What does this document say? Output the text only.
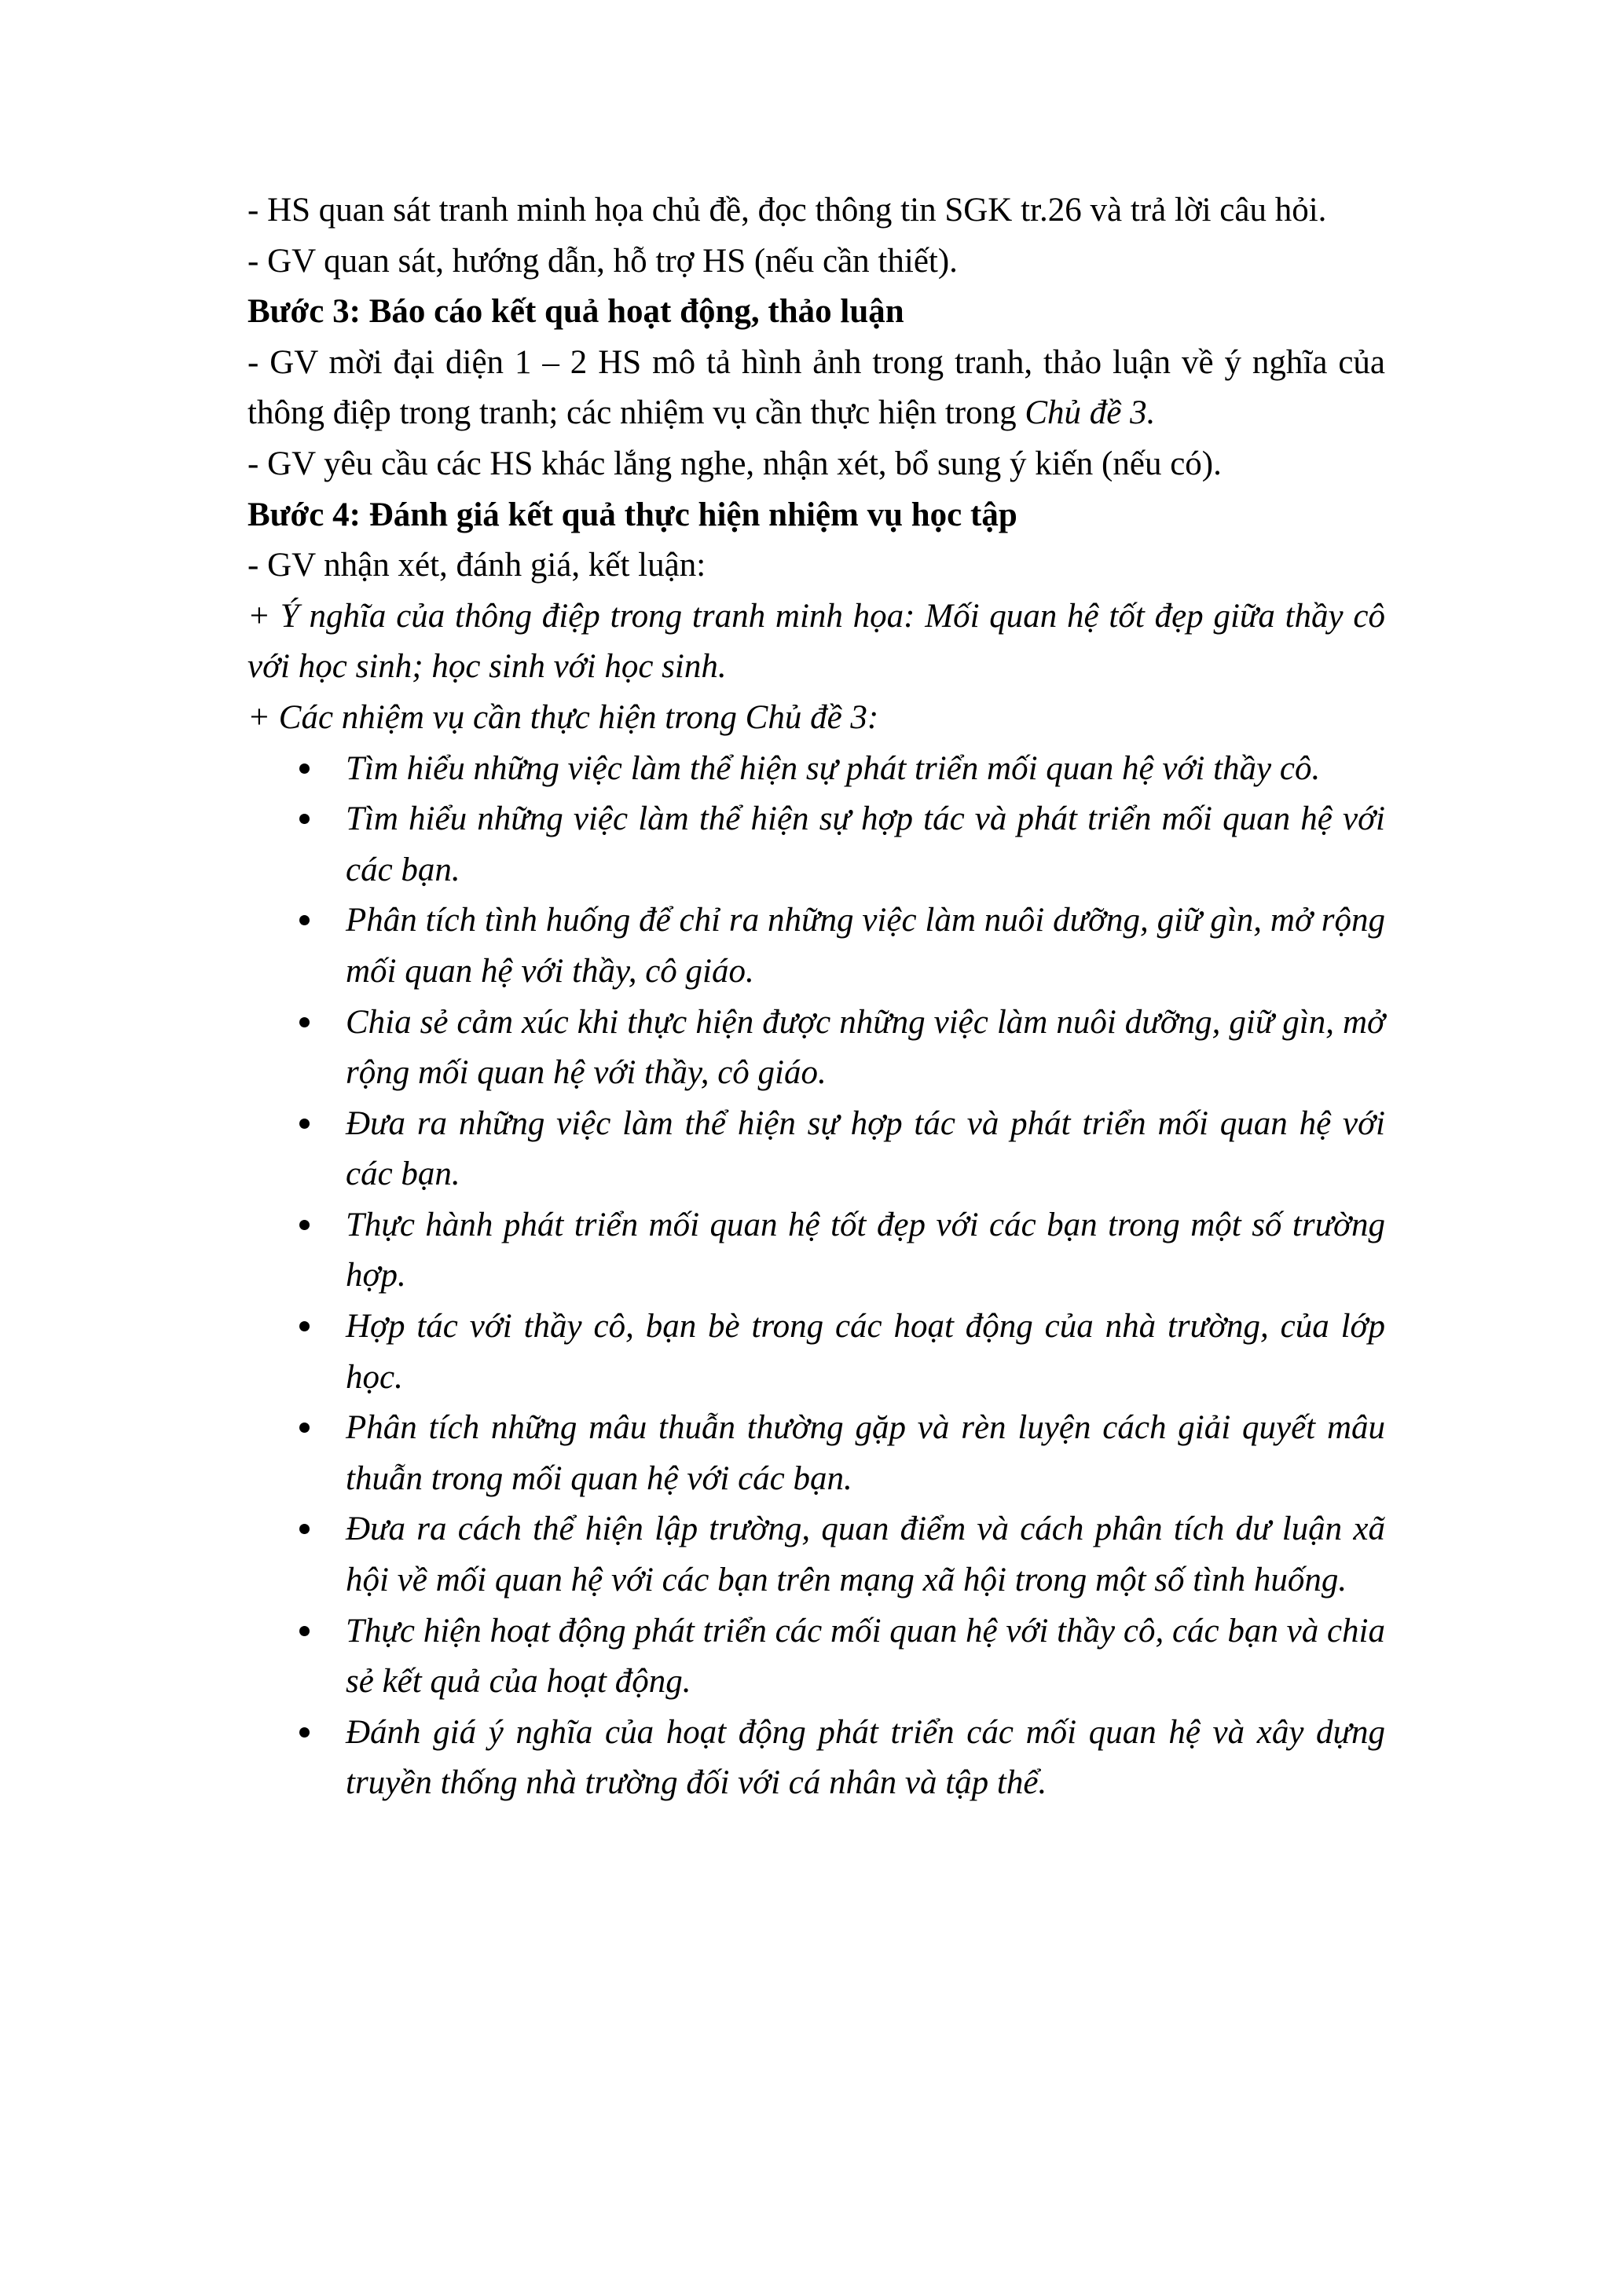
- HS quan sát tranh minh họa chủ đề, đọc thông tin SGK tr.26 và trả lời câu hỏi.

- GV quan sát, hướng dẫn, hỗ trợ HS (nếu cần thiết).

Bước 3: Báo cáo kết quả hoạt động, thảo luận

- GV mời đại diện 1 – 2 HS mô tả hình ảnh trong tranh, thảo luận về ý nghĩa của thông điệp trong tranh; các nhiệm vụ cần thực hiện trong Chủ đề 3.

- GV yêu cầu các HS khác lắng nghe, nhận xét, bổ sung ý kiến (nếu có).

Bước 4: Đánh giá kết quả thực hiện nhiệm vụ học tập

- GV nhận xét, đánh giá, kết luận:

+ Ý nghĩa của thông điệp trong tranh minh họa: Mối quan hệ tốt đẹp giữa thầy cô với học sinh; học sinh với học sinh.

+ Các nhiệm vụ cần thực hiện trong Chủ đề 3:

Tìm hiểu những việc làm thể hiện sự phát triển mối quan hệ với thầy cô.
Tìm hiểu những việc làm thể hiện sự hợp tác và phát triển mối quan hệ với các bạn.
Phân tích tình huống để chỉ ra những việc làm nuôi dưỡng, giữ gìn, mở rộng mối quan hệ với thầy, cô giáo.
Chia sẻ cảm xúc khi thực hiện được những việc làm nuôi dưỡng, giữ gìn, mở rộng mối quan hệ với thầy, cô giáo.
Đưa ra những việc làm thể hiện sự hợp tác và phát triển mối quan hệ với các bạn.
Thực hành phát triển mối quan hệ tốt đẹp với các bạn trong một số trường hợp.
Hợp tác với thầy cô, bạn bè trong các hoạt động của nhà trường, của lớp học.
Phân tích những mâu thuẫn thường gặp và rèn luyện cách giải quyết mâu thuẫn trong mối quan hệ với các bạn.
Đưa ra cách thể hiện lập trường, quan điểm và cách phân tích dư luận xã hội về mối quan hệ với các bạn trên mạng xã hội trong một số tình huống.
Thực hiện hoạt động phát triển các mối quan hệ với thầy cô, các bạn và chia sẻ kết quả của hoạt động.
Đánh giá ý nghĩa của hoạt động phát triển các mối quan hệ và xây dựng truyền thống nhà trường đối với cá nhân và tập thể.
